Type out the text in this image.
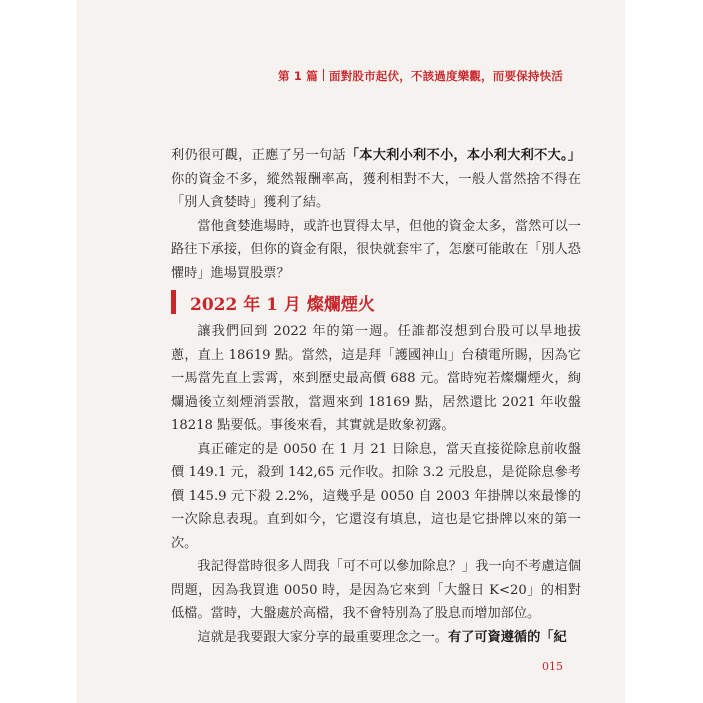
第 1 篇 面對股市起伏，不該過度樂觀，而要保持快活

利仍很可觀，正應了另一句話「本大利小利不小，本小利大利不大。」你的資金不多，縱然報酬率高，獲利相對不大，一般人當然捨不得在「別人貪婪時」獲利了結。

當他貪婪進場時，或許也買得太早，但他的資金太多，當然可以一路往下承接，但你的資金有限，很快就套牢了，怎麼可能敢在「別人恐懼時」進場買股票？

2022 年 1 月 燦爛煙火

讓我們回到 2022 年的第一週。任誰都沒想到台股可以旱地拔蔥，直上 18619 點。當然，這是拜「護國神山」台積電所賜，因為它一馬當先直上雲霄，來到歷史最高價 688 元。當時宛若燦爛煙火，絢爛過後立刻煙消雲散，當週來到 18169 點，居然還比 2021 年收盤 18218 點要低。事後來看，其實就是敗象初露。

真正確定的是 0050 在 1 月 21 日除息，當天直接從除息前收盤價 149.1 元，殺到 142,65 元作收。扣除 3.2 元股息，是從除息參考價 145.9 元下殺 2.2%，這幾乎是 0050 自 2003 年掛牌以來最慘的一次除息表現。直到如今，它還沒有填息，這也是它掛牌以來的第一次。

我記得當時很多人問我「可不可以參加除息？」我一向不考慮這個問題，因為我買進 0050 時，是因為它來到「大盤日 K<20」的相對低檔。當時，大盤處於高檔，我不會特別為了股息而增加部位。

這就是我要跟大家分享的最重要理念之一。有了可資遵循的「紀

015
